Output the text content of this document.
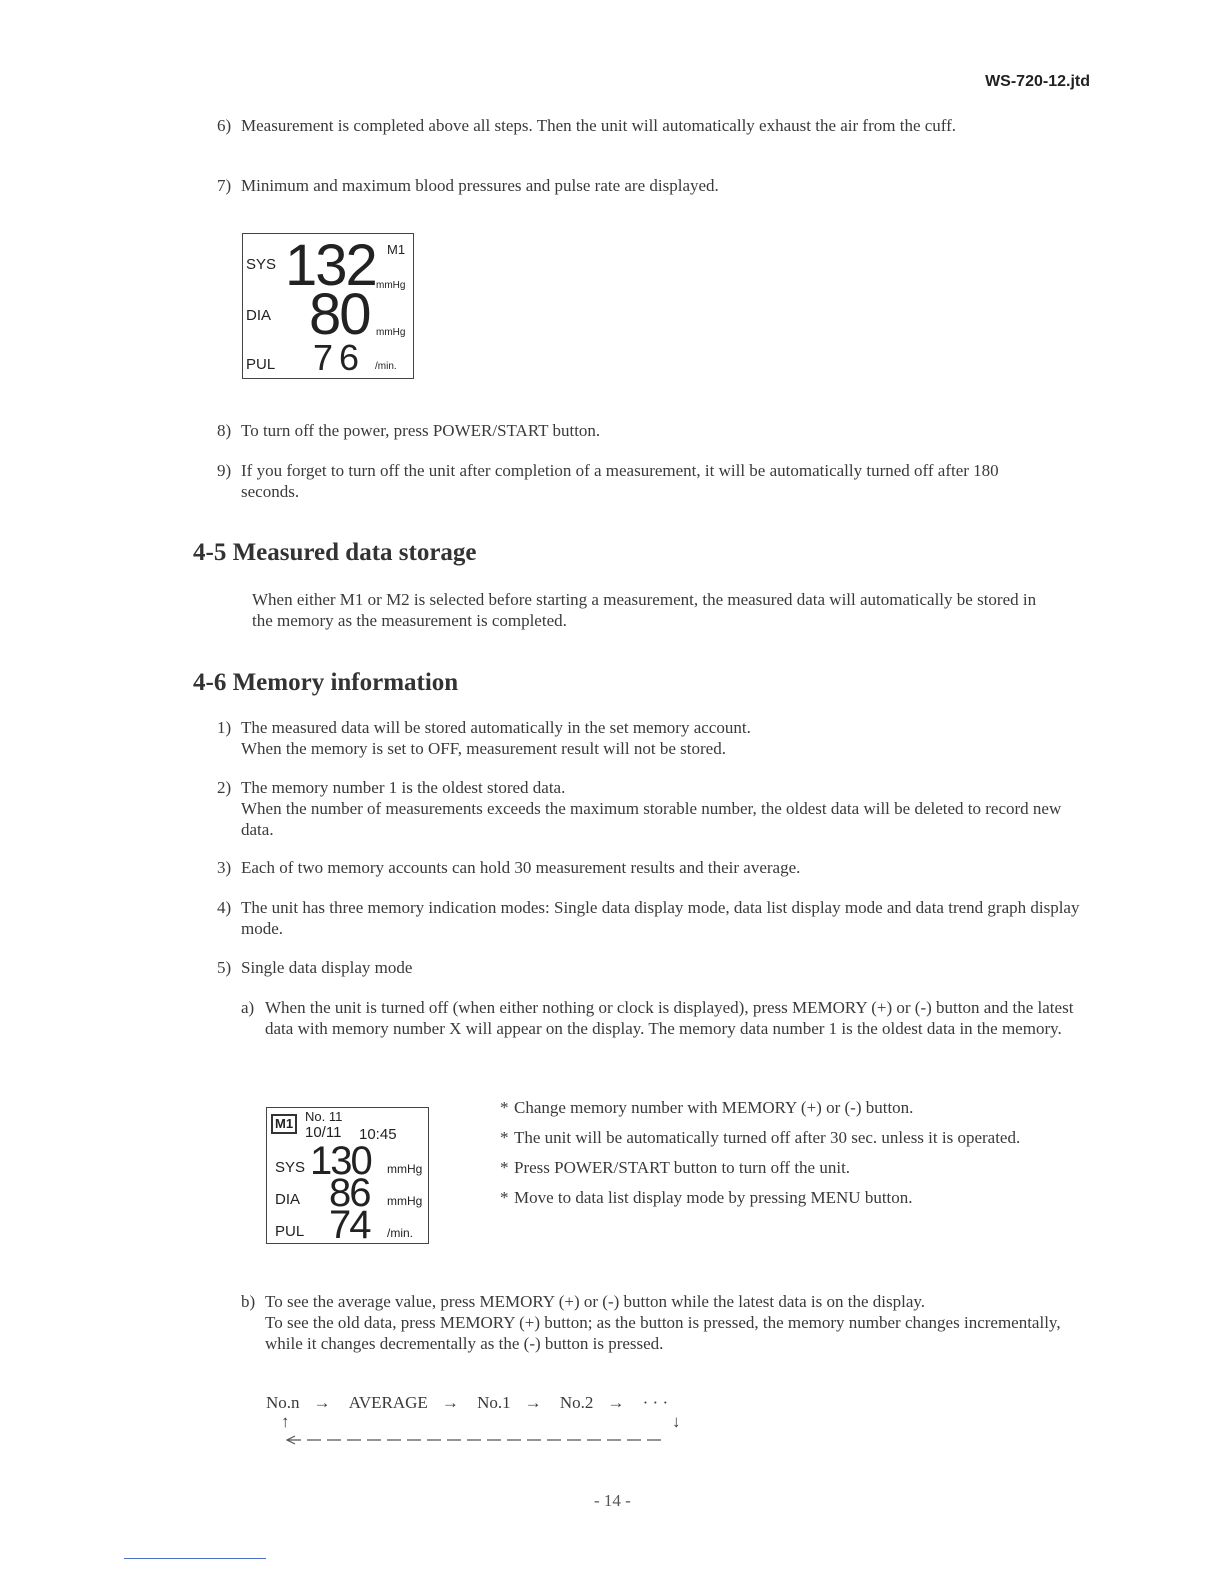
WS-720-12.jtd
6) Measurement is completed above all steps. Then the unit will automatically exhaust the air from the cuff.
7) Minimum and maximum blood pressures and pulse rate are displayed.
SYS 132 M1
mmHg
DIA 80 mmHg
PUL 76 /min.
8) To turn off the power, press POWER/START button.
9) If you forget to turn off the unit after completion of a measurement, it will be automatically turned off after 180 seconds.
4-5 Measured data storage
When either M1 or M2 is selected before starting a measurement, the measured data will automatically be stored in the memory as the measurement is completed.
4-6 Memory information
1) The measured data will be stored automatically in the set memory account.
When the memory is set to OFF, measurement result will not be stored.
2) The memory number 1 is the oldest stored data.
When the number of measurements exceeds the maximum storable number, the oldest data will be deleted to record new data.
3) Each of two memory accounts can hold 30 measurement results and their average.
4) The unit has three memory indication modes: Single data display mode, data list display mode and data trend graph display mode.
5) Single data display mode
a) When the unit is turned off (when either nothing or clock is displayed), press MEMORY (+) or (-) button and the latest data with memory number X will appear on the display. The memory data number 1 is the oldest data in the memory.
M1 No. 11
10/11 10:45
SYS 130 mmHg
DIA 86 mmHg
PUL 74 /min.
* Change memory number with MEMORY (+) or (-) button.
* The unit will be automatically turned off after 30 sec. unless it is operated.
* Press POWER/START button to turn off the unit.
* Move to data list display mode by pressing MENU button.
b) To see the average value, press MEMORY (+) or (-) button while the latest data is on the display.
To see the old data, press MEMORY (+) button; as the button is pressed, the memory number changes incrementally, while it changes decrementally as the (-) button is pressed.
No.n → AVERAGE → No.1 → No.2 → · · ·
↑	↓
- 14 -
